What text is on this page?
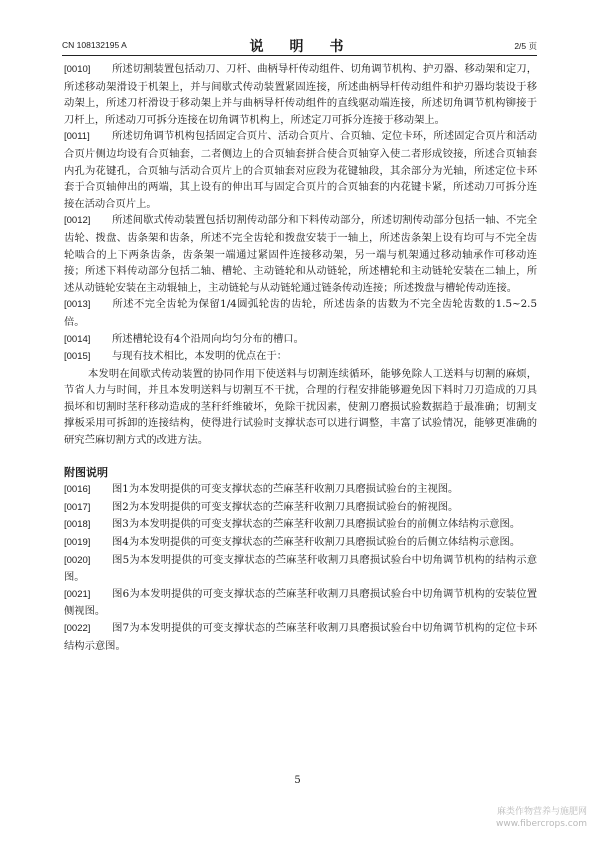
CN 108132195 A	说　明　书	2/5 页

[0010] 所述切割装置包括动刀、刀杆、曲柄导杆传动组件、切角调节机构、护刃器、移动架和定刀，所述移动架滑设于机架上，并与间歇式传动装置紧固连接，所述曲柄导杆传动组件和护刃器均装设于移动架上，所述刀杆滑设于移动架上并与曲柄导杆传动组件的直线驱动端连接，所述切角调节机构铆接于刀杆上，所述动刀可拆分连接在切角调节机构上，所述定刀可拆分连接于移动架上。

[0011] 所述切角调节机构包括固定合页片、活动合页片、合页轴、定位卡环，所述固定合页片和活动合页片侧边均设有合页轴套，二者侧边上的合页轴套拼合使合页轴穿入使二者形成铰接，所述合页轴套内孔为花键孔，合页轴与活动合页片上的合页轴套对应段为花键轴段，其余部分为光轴，所述定位卡环套于合页轴伸出的两端，其上设有的伸出耳与固定合页片的合页轴套的内花键卡紧，所述动刀可拆分连接在活动合页片上。

[0012] 所述间歇式传动装置包括切割传动部分和下料传动部分，所述切割传动部分包括一轴、不完全齿轮、拨盘、齿条架和齿条，所述不完全齿轮和拨盘安装于一轴上，所述齿条架上设有均可与不完全齿轮啮合的上下两条齿条，齿条架一端通过紧固件连接移动架，另一端与机架通过移动轴承作可移动连接；所述下料传动部分包括二轴、槽轮、主动链轮和从动链轮，所述槽轮和主动链轮安装在二轴上，所述从动链轮安装在主动辊轴上，主动链轮与从动链轮通过链条传动连接；所述拨盘与槽轮传动连接。

[0013] 所述不完全齿轮为保留1/4圆弧轮齿的齿轮，所述齿条的齿数为不完全齿轮齿数的1.5~2.5倍。

[0014] 所述槽轮设有4个沿周向均匀分布的槽口。

[0015] 与现有技术相比，本发明的优点在于：

本发明在间歇式传动装置的协同作用下使送料与切割连续循环，能够免除人工送料与切割的麻烦，节省人力与时间，并且本发明送料与切割互不干扰，合理的行程安排能够避免因下料时刀刃造成的刀具损坏和切割时茎秆移动造成的茎秆纤维破坏，免除干扰因素，使割刀磨损试验数据趋于最准确；切割支撑板采用可拆卸的连接结构，使得进行试验时支撑状态可以进行调整，丰富了试验情况，能够更准确的研究苎麻切割方式的改进方法。

附图说明

[0016] 图1为本发明提供的可变支撑状态的苎麻茎秆收割刀具磨损试验台的主视图。

[0017] 图2为本发明提供的可变支撑状态的苎麻茎秆收割刀具磨损试验台的俯视图。

[0018] 图3为本发明提供的可变支撑状态的苎麻茎秆收割刀具磨损试验台的前侧立体结构示意图。

[0019] 图4为本发明提供的可变支撑状态的苎麻茎秆收割刀具磨损试验台的后侧立体结构示意图。

[0020] 图5为本发明提供的可变支撑状态的苎麻茎秆收割刀具磨损试验台中切角调节机构的结构示意图。

[0021] 图6为本发明提供的可变支撑状态的苎麻茎秆收割刀具磨损试验台中切角调节机构的安装位置侧视图。

[0022] 图7为本发明提供的可变支撑状态的苎麻茎秆收割刀具磨损试验台中切角调节机构的定位卡环结构示意图。

5
麻类作物营养与施肥网
www.fibercrops.com
